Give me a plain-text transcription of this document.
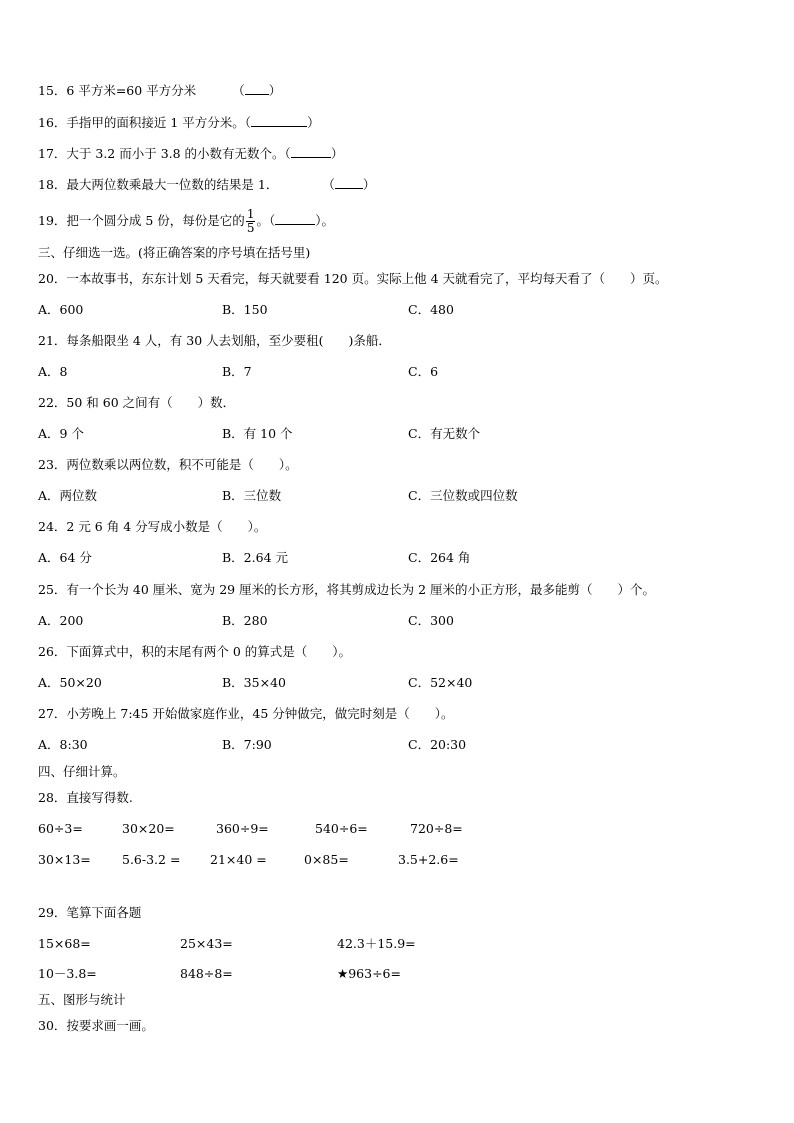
15．6 平方米=60 平方分米	（ ）
16．手指甲的面积接近 1 平方分米。（	）
17．大于 3.2 而小于 3.8 的小数有无数个。（	）
18．最大两位数乘最大一位数的结果是 1．	（ ）
19．把一个圆分成 5 份，每份是它的 $\frac{1}{5}$ 。（	）。
三、仔细选一选。(将正确答案的序号填在括号里)
20．一本故事书，东东计划 5 天看完，每天就要看 120 页。实际上他 4 天就看完了，平均每天看了（　　）页。
A．600	B．150	C．480
21．每条船限坐 4 人，有 30 人去划船，至少要租(　　)条船．
A．8	B．7	C．6
22．50 和 60 之间有（　　）数．
A．9 个	B．有 10 个	C．有无数个
23．两位数乘以两位数，积不可能是（　　）。
A．两位数	B．三位数	C．三位数或四位数
24．2 元 6 角 4 分写成小数是（　　）。
A．64 分	B．2.64 元	C．264 角
25．有一个长为 40 厘米、宽为 29 厘米的长方形，将其剪成边长为 2 厘米的小正方形，最多能剪（　　）个。
A．200	B．280	C．300
26．下面算式中，积的末尾有两个 0 的算式是（　　）。
A．50×20	B．35×40	C．52×40
27．小芳晚上 7:45 开始做家庭作业，45 分钟做完，做完时刻是（　　）。
A．8:30	B．7:90	C．20:30
四、仔细计算。
28．直接写得数.
60÷3=	30×20=	360÷9=	540÷6=	720÷8=
30×13= 5.6-3.2 = 21×40 =	0×85=	3.5+2.6=
29．笔算下面各题
15×68=	25×43=	42.3＋15.9=
10－3.8=	848÷8=	★963÷6=
五、图形与统计
30．按要求画一画。
